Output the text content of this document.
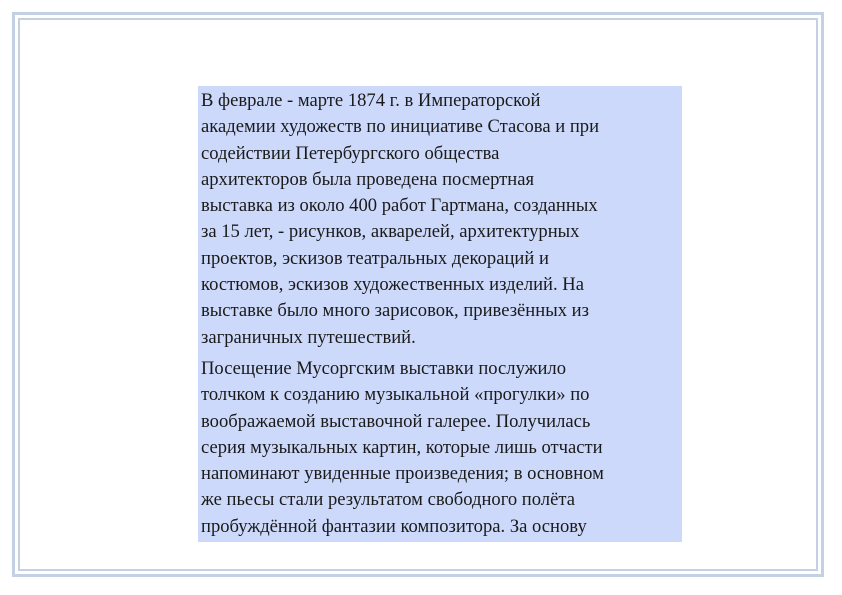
В феврале - марте 1874 г. в Императорской
академии художеств по инициативе Стасова и при
содействии Петербургского общества
архитекторов была проведена посмертная
выставка из около 400 работ Гартмана, созданных
за 15 лет, - рисунков, акварелей, архитектурных
проектов, эскизов театральных декораций и
костюмов, эскизов художественных изделий. На
выставке было много зарисовок, привезённых из
заграничных путешествий.

Посещение Мусоргским выставки послужило
толчком к созданию музыкальной «прогулки» по
воображаемой выставочной галерее. Получилась
серия музыкальных картин, которые лишь отчасти
напоминают увиденные произведения; в основном
же пьесы стали результатом свободного полёта
пробуждённой фантазии композитора. За основу
